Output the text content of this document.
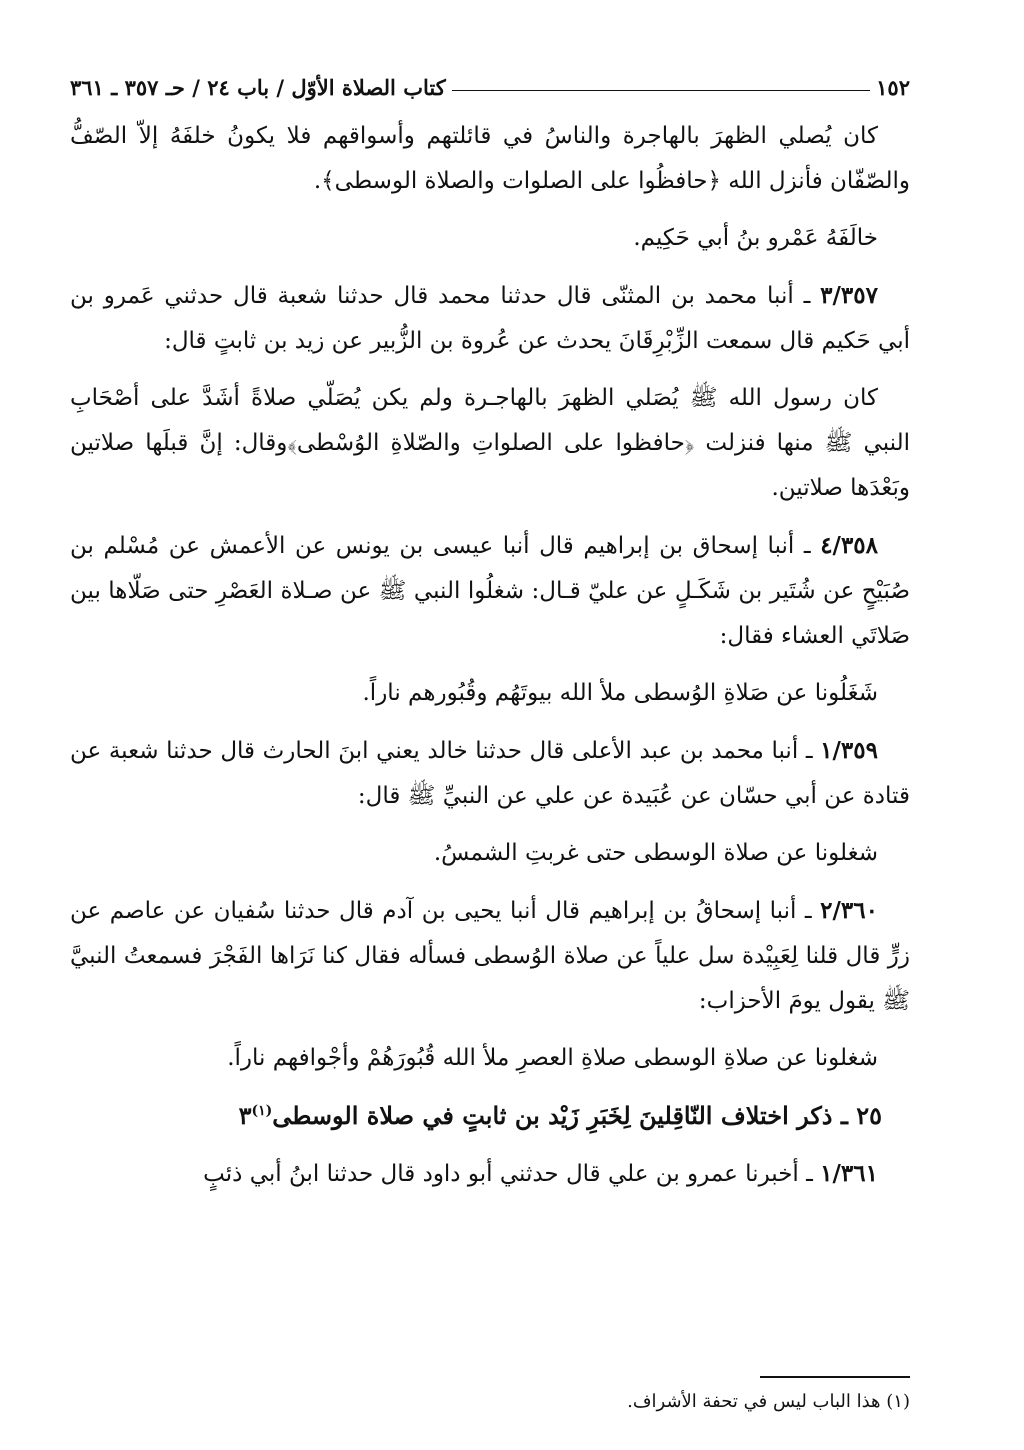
١٥٢
كتاب الصلاة الأوّل / باب ٢٤ / حـ ٣٥٧ ـ ٣٦١

كان يُصلي الظهرَ بالهاجرة والناسُ في قائلتهم وأسواقهم فلا يكونُ خلفَهُ إلاّ الصّفُّ والصّفّان فأنزل الله ﴿حافظُوا على الصلوات والصلاة الوسطى﴾.

خالَفَهُ عَمْرو بنُ أبي حَكِيم.

٣/٣٥٧ ـ أنبا محمد بن المثنّى قال حدثنا محمد قال حدثنا شعبة قال حدثني عَمرو بن أبي حَكيم قال سمعت الزِّبْرِقَانَ يحدث عن عُروة بن الزُّبير عن زيد بن ثابتٍ قال:

كان رسول الله ﷺ يُصَلي الظهرَ بالهاجـرة ولم يكن يُصَلّي صلاةً أشَدَّ على أصْحَابِ النبي ﷺ منها فنزلت ﴿حافظوا على الصلواتِ والصّلاةِ الوُسْطى﴾وقال: إنَّ قبلَها صلاتين وبَعْدَها صلاتين.

٤/٣٥٨ ـ أنبا إسحاق بن إبراهيم قال أنبا عيسى بن يونس عن الأعمش عن مُسْلم بن صُبَيْحٍ عن شُتَير بن شَكَـلٍ عن عليّ قـال: شغلُوا النبي ﷺ عن صـلاة العَصْرِ حتى صَلّاها بين صَلاتَي العشاء فقال:

شَغَلُونا عن صَلاةِ الوُسطى ملأ الله بيوتَهُم وقُبُورهم ناراً.

١/٣٥٩ ـ أنبا محمد بن عبد الأعلى قال حدثنا خالد يعني ابنَ الحارث قال حدثنا شعبة عن قتادة عن أبي حسّان عن عُبَيدة عن علي عن النبيِّ ﷺ قال:

شغلونا عن صلاة الوسطى حتى غربتِ الشمسُ.

٢/٣٦٠ ـ أنبا إسحاقُ بن إبراهيم قال أنبا يحيى بن آدم قال حدثنا سُفيان عن عاصم عن زرٍّ قال قلنا لِعَبِيْدة سل علياً عن صلاة الوُسطى فسأله فقال كنا نَرَاها الفَجْرَ فسمعتُ النبيَّ ﷺ يقول يومَ الأحزاب:

شغلونا عن صلاةِ الوسطى صلاةِ العصرِ ملأ الله قُبُورَهُمْ وأجْوافهم ناراً.

٢٥ ـ ذكر اختلاف النّاقِلينَ لِخَبَرِ زَيْد بن ثابتٍ في صلاة الوسطى$^{(١)}$٣

١/٣٦١ ـ أخبرنا عمرو بن علي قال حدثني أبو داود قال حدثنا ابنُ أبي ذئبٍ

(١) هذا الباب ليس في تحفة الأشراف.
